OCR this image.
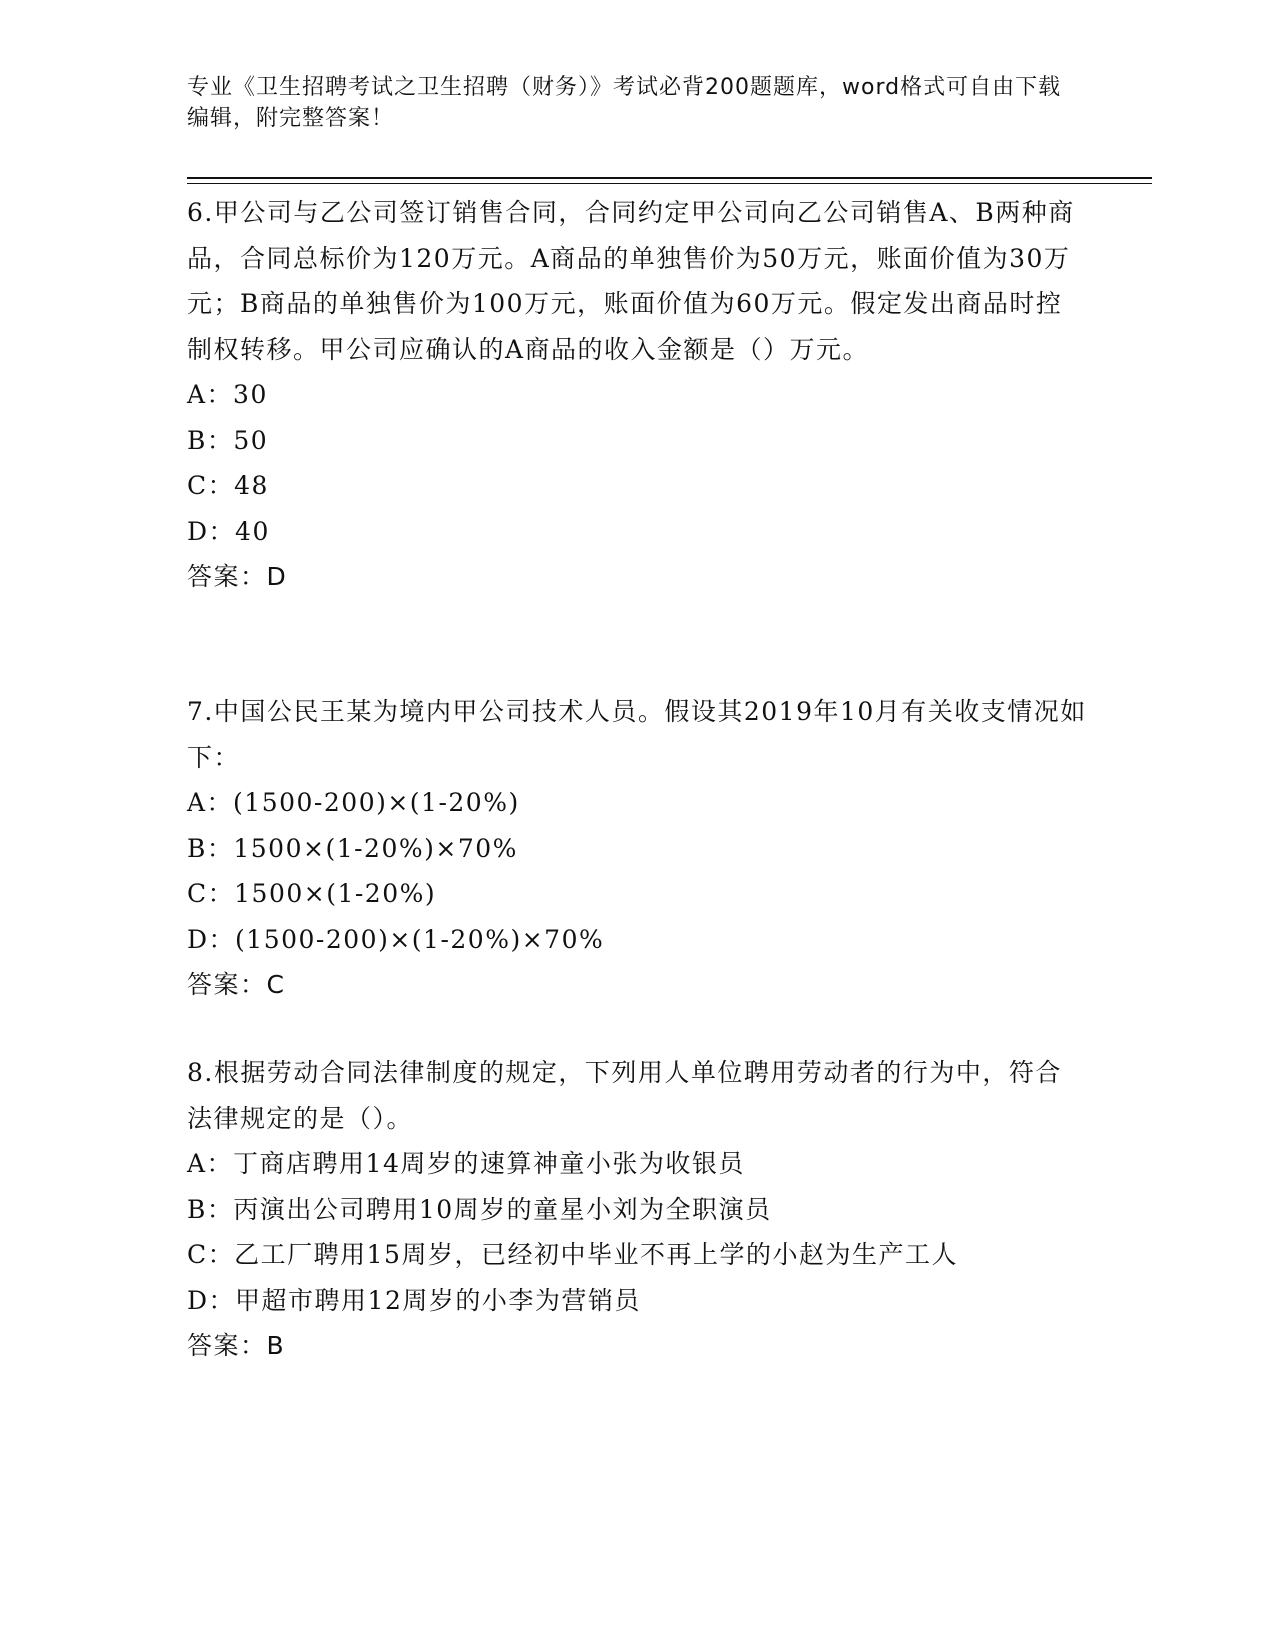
专业《卫生招聘考试之卫生招聘（财务）》考试必背200题题库，word格式可自由下载编辑，附完整答案！

6.甲公司与乙公司签订销售合同，合同约定甲公司向乙公司销售A、B两种商品，合同总标价为120万元。A商品的单独售价为50万元，账面价值为30万元；B商品的单独售价为100万元，账面价值为60万元。假定发出商品时控制权转移。甲公司应确认的A商品的收入金额是（）万元。

A：30

B：50

C：48

D：40

答案：D

7.中国公民王某为境内甲公司技术人员。假设其2019年10月有关收支情况如下：

A：(1500-200)×(1-20%)

B：1500×(1-20%)×70%

C：1500×(1-20%)

D：(1500-200)×(1-20%)×70%

答案：C

8.根据劳动合同法律制度的规定，下列用人单位聘用劳动者的行为中，符合法律规定的是（）。

A：丁商店聘用14周岁的速算神童小张为收银员

B：丙演出公司聘用10周岁的童星小刘为全职演员

C：乙工厂聘用15周岁，已经初中毕业不再上学的小赵为生产工人

D：甲超市聘用12周岁的小李为营销员

答案：B
